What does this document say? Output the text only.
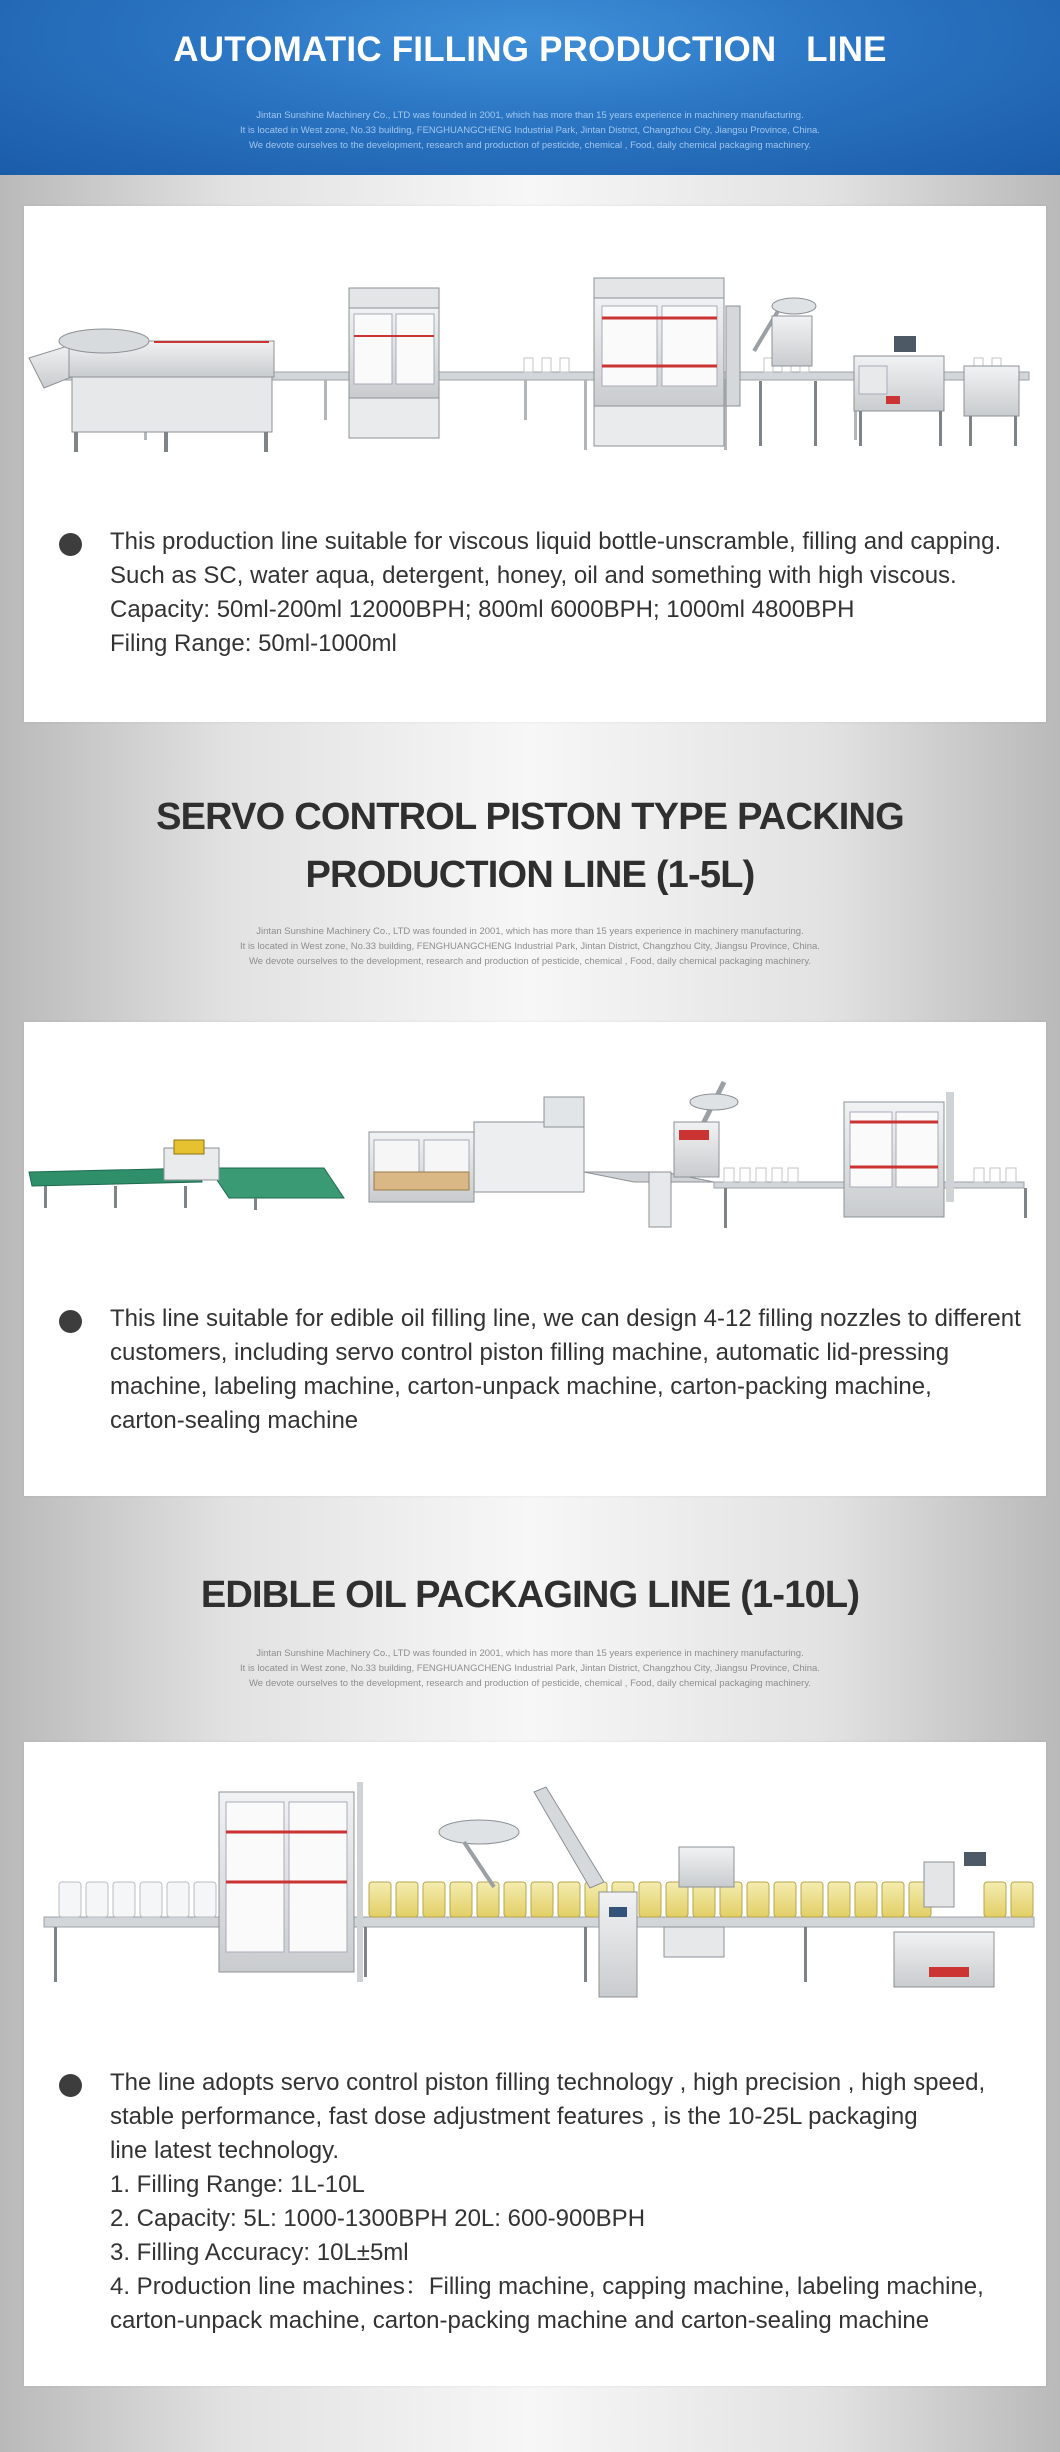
AUTOMATIC FILLING PRODUCTION   LINE
Jintan Sunshine Machinery Co., LTD was founded in 2001, which has more than 15 years experience in machinery manufacturing.
It is located in West zone, No.33 building, FENGHUANGCHENG Industrial Park, Jintan District, Changzhou City, Jiangsu Province, China.
We devote ourselves to the development, research and production of pesticide, chemical , Food, daily chemical packaging machinery.
This production line suitable for viscous liquid bottle-unscramble, filling and capping.
Such as SC, water aqua, detergent, honey, oil and something with high viscous.
Capacity: 50ml-200ml 12000BPH; 800ml 6000BPH; 1000ml 4800BPH
Filing Range: 50ml-1000ml
SERVO CONTROL PISTON TYPE PACKING
PRODUCTION LINE (1-5L)
Jintan Sunshine Machinery Co., LTD was founded in 2001, which has more than 15 years experience in machinery manufacturing.
It is located in West zone, No.33 building, FENGHUANGCHENG Industrial Park, Jintan District, Changzhou City, Jiangsu Province, China.
We devote ourselves to the development, research and production of pesticide, chemical , Food, daily chemical packaging machinery.
This line suitable for edible oil filling line, we can design 4-12 filling nozzles to different
customers, including servo control piston filling machine, automatic lid-pressing
machine, labeling machine, carton-unpack machine, carton-packing machine,
carton-sealing machine
EDIBLE OIL PACKAGING LINE (1-10L)
Jintan Sunshine Machinery Co., LTD was founded in 2001, which has more than 15 years experience in machinery manufacturing.
It is located in West zone, No.33 building, FENGHUANGCHENG Industrial Park, Jintan District, Changzhou City, Jiangsu Province, China.
We devote ourselves to the development, research and production of pesticide, chemical , Food, daily chemical packaging machinery.
The line adopts servo control piston filling technology , high precision , high speed,
stable performance, fast dose adjustment features , is the 10-25L packaging
line latest technology.
1. Filling Range: 1L-10L
2. Capacity: 5L: 1000-1300BPH 20L: 600-900BPH
3. Filling Accuracy: 10L±5ml
4. Production line machines：Filling machine, capping machine, labeling machine,
carton-unpack machine, carton-packing machine and carton-sealing machine
